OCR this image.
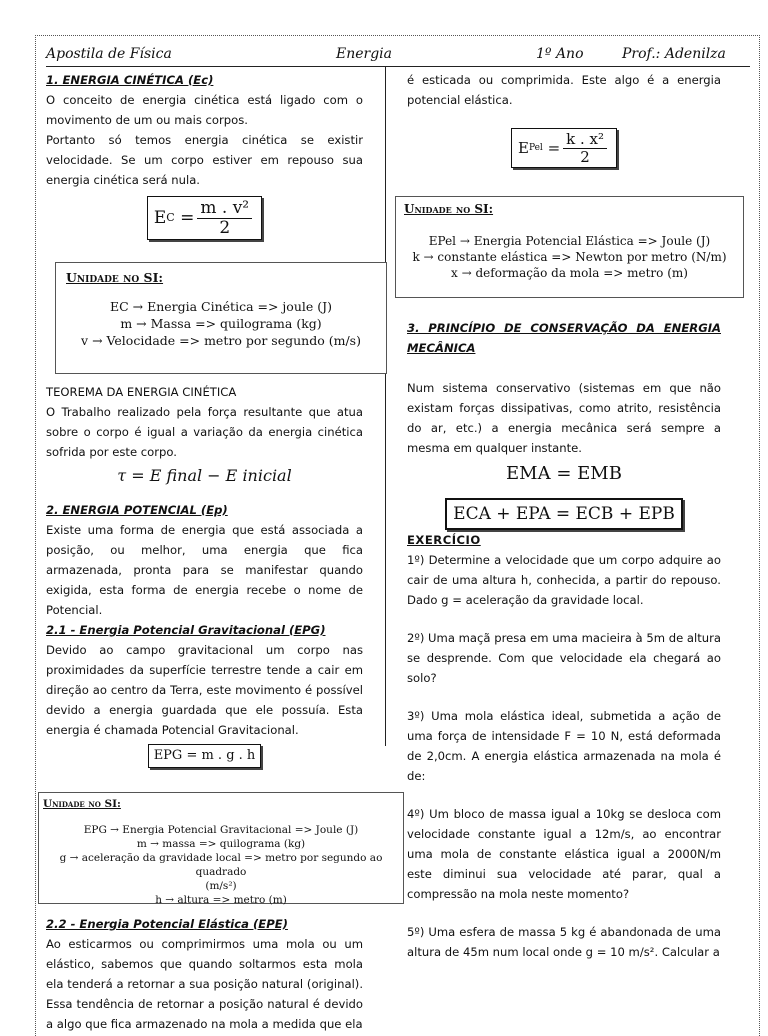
Apostila de Física	Energia	1º Ano	Prof.: Adenilza

1. ENERGIA CINÉTICA (Ec)

O conceito de energia cinética está ligado com o movimento de um ou mais corpos.

Portanto só temos energia cinética se existir velocidade. Se um corpo estiver em repouso sua energia cinética será nula.

E $C = \frac{\text{m . v²}}{2}$
Unidade no SI:
EC → Energia Cinética => joule (J)
m → Massa => quilograma (kg)
v → Velocidade => metro por segundo (m/s)

TEOREMA DA ENERGIA CINÉTICA

O Trabalho realizado pela força resultante que atua sobre o corpo é igual a variação da energia cinética sofrida por este corpo.

τ = E final − E inicial

2. ENERGIA POTENCIAL (Ep)

Existe uma forma de energia que está associada a posição, ou melhor, uma energia que fica armazenada, pronta para se manifestar quando exigida, esta forma de energia recebe o nome de Potencial.

2.1 - Energia Potencial Gravitacional (EPG)

Devido ao campo gravitacional um corpo nas proximidades da superfície terrestre tende a cair em direção ao centro da Terra, este movimento é possível devido a energia guardada que ele possuía. Esta energia é chamada Potencial Gravitacional.

EPG = m . g . h
Unidade no SI:
EPG → Energia Potencial Gravitacional => Joule (J)
m → massa => quilograma (kg)
g → aceleração da gravidade local => metro por segundo ao quadrado
(m/s²)
h → altura => metro (m)

2.2 - Energia Potencial Elástica (EPE)

Ao esticarmos ou comprimirmos uma mola ou um elástico, sabemos que quando soltarmos esta mola ela tenderá a retornar a sua posição natural (original). Essa tendência de retornar a posição natural é devido a algo que fica armazenado na mola a medida que ela

é esticada ou comprimida. Este algo é a energia potencial elástica.

E Pel = $\frac{\text{k . x²}}{2}$
Unidade no SI:
EPel → Energia Potencial Elástica => Joule (J)
k → constante elástica => Newton por metro (N/m)
x → deformação da mola => metro (m)

3. PRINCÍPIO DE CONSERVAÇÃO DA ENERGIA MECÂNICA

Num sistema conservativo (sistemas em que não existam forças dissipativas, como atrito, resistência do ar, etc.) a energia mecânica será sempre a mesma em qualquer instante.

EMA = EMB
ECA + EPA = ECB + EPB

EXERCÍCIO

1º) Determine a velocidade que um corpo adquire ao cair de uma altura h, conhecida, a partir do repouso. Dado g = aceleração da gravidade local.

2º) Uma maçã presa em uma macieira à 5m de altura se desprende. Com que velocidade ela chegará ao solo?

3º) Uma mola elástica ideal, submetida a ação de uma força de intensidade F = 10 N, está deformada de 2,0cm. A energia elástica armazenada na mola é de:

4º) Um bloco de massa igual a 10kg se desloca com velocidade constante igual a 12m/s, ao encontrar uma mola de constante elástica igual a 2000N/m este diminui sua velocidade até parar, qual a compressão na mola neste momento?

5º) Uma esfera de massa 5 kg é abandonada de uma altura de 45m num local onde g = 10 m/s². Calcular a
